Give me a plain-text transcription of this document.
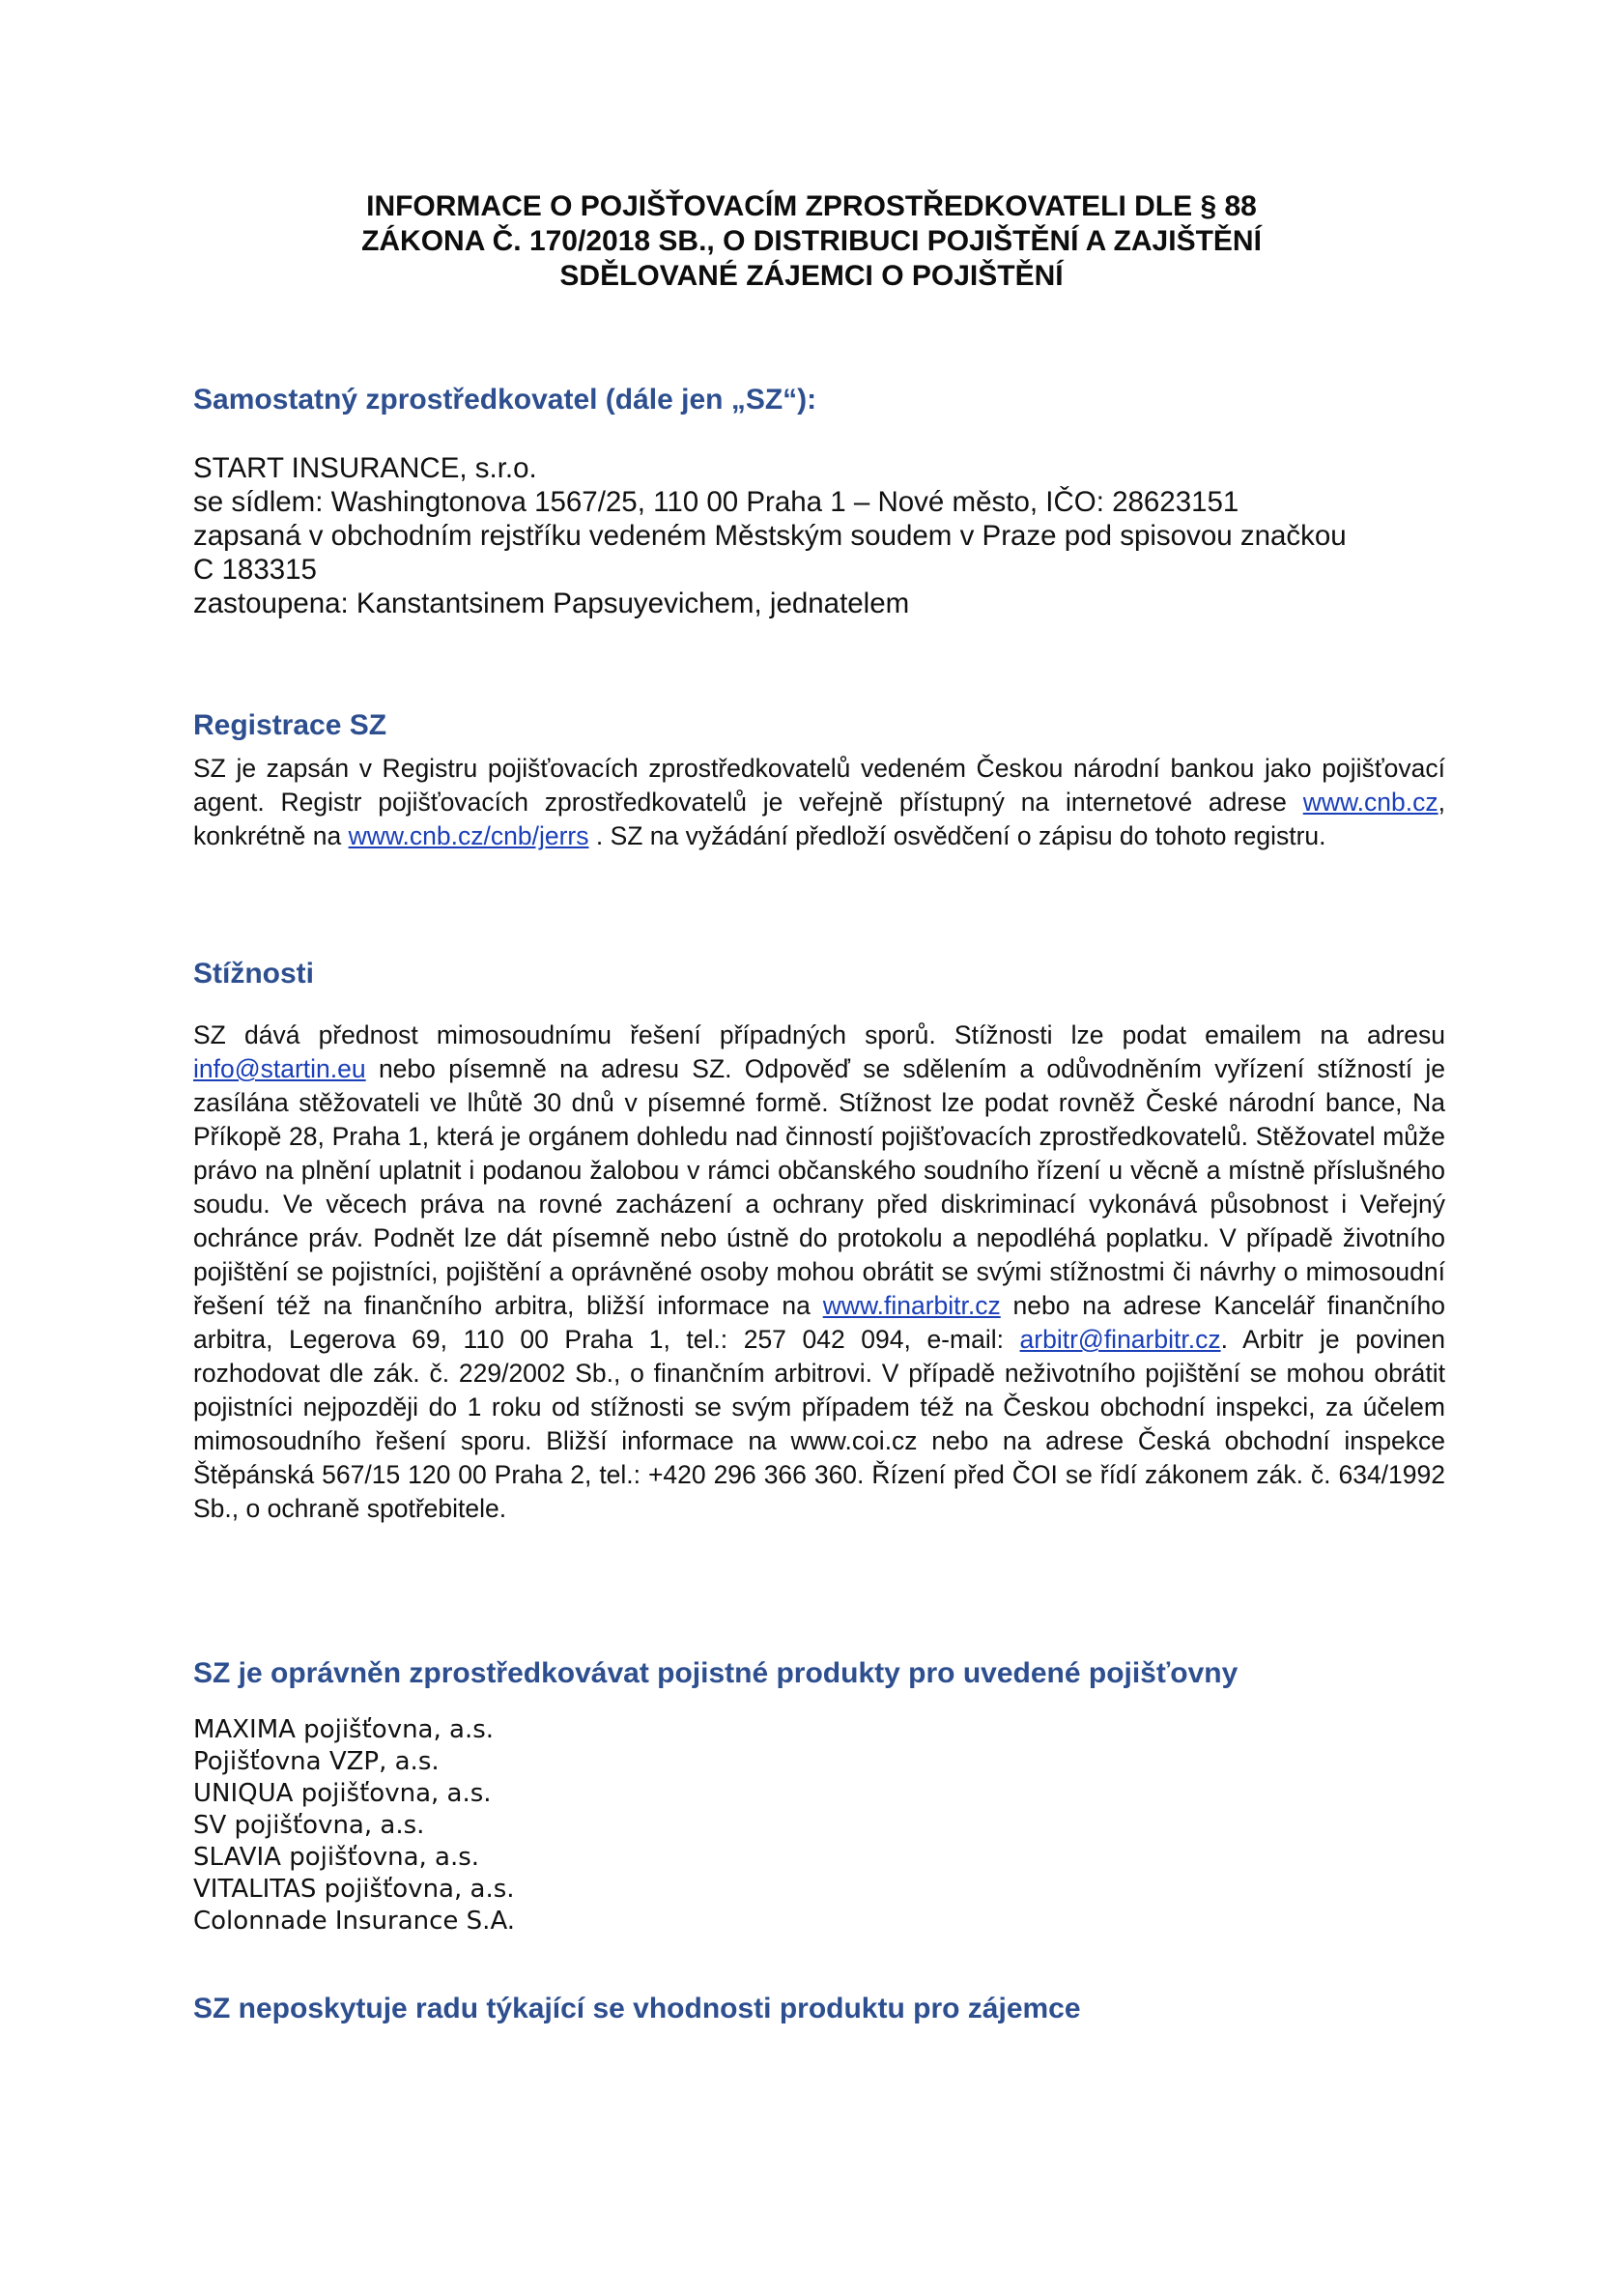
INFORMACE O POJIŠŤOVACÍM ZPROSTŘEDKOVATELI DLE § 88
ZÁKONA Č. 170/2018 SB., O DISTRIBUCI POJIŠTĚNÍ A ZAJIŠTĚNÍ
SDĚLOVANÉ ZÁJEMCI O POJIŠTĚNÍ
Samostatný zprostředkovatel (dále jen „SZ“):
START INSURANCE, s.r.o.
se sídlem: Washingtonova 1567/25, 110 00 Praha 1 – Nové město, IČO: 28623151
zapsaná v obchodním rejstříku vedeném Městským soudem v Praze pod spisovou značkou
C 183315
zastoupena: Kanstantsinem Papsuyevichem, jednatelem
Registrace SZ
SZ je zapsán v Registru pojišťovacích zprostředkovatelů vedeném Českou národní bankou jako pojišťovací agent. Registr pojišťovacích zprostředkovatelů je veřejně přístupný na internetové adrese www.cnb.cz, konkrétně na www.cnb.cz/cnb/jerrs . SZ na vyžádání předloží osvědčení o zápisu do tohoto registru.
Stížnosti
SZ dává přednost mimosoudnímu řešení případných sporů. Stížnosti lze podat emailem na adresu info@startin.eu nebo písemně na adresu SZ. Odpověď se sdělením a odůvodněním vyřízení stížností je zasílána stěžovateli ve lhůtě 30 dnů v písemné formě. Stížnost lze podat rovněž České národní bance, Na Příkopě 28, Praha 1, která je orgánem dohledu nad činností pojišťovacích zprostředkovatelů. Stěžovatel může právo na plnění uplatnit i podanou žalobou v rámci občanského soudního řízení u věcně a místně příslušného soudu. Ve věcech práva na rovné zacházení a ochrany před diskriminací vykonává působnost i Veřejný ochránce práv. Podnět lze dát písemně nebo ústně do protokolu a nepodléhá poplatku. V případě životního pojištění se pojistníci, pojištění a oprávněné osoby mohou obrátit se svými stížnostmi či návrhy o mimosoudní řešení též na finančního arbitra, bližší informace na www.finarbitr.cz nebo na adrese Kancelář finančního arbitra, Legerova 69, 110 00 Praha 1, tel.: 257 042 094, e-mail: arbitr@finarbitr.cz. Arbitr je povinen rozhodovat dle zák. č. 229/2002 Sb., o finančním arbitrovi. V případě neživotního pojištění se mohou obrátit pojistníci nejpozději do 1 roku od stížnosti se svým případem též na Českou obchodní inspekci, za účelem mimosoudního řešení sporu. Bližší informace na www.coi.cz nebo na adrese Česká obchodní inspekce Štěpánská 567/15 120 00 Praha 2, tel.: +420 296 366 360. Řízení před ČOI se řídí zákonem zák. č. 634/1992 Sb., o ochraně spotřebitele.
SZ je oprávněn zprostředkovávat pojistné produkty pro uvedené pojišťovny
MAXIMA pojišťovna, a.s.
Pojišťovna VZP, a.s.
UNIQUA pojišťovna, a.s.
SV pojišťovna, a.s.
SLAVIA pojišťovna, a.s.
VITALITAS pojišťovna, a.s.
Colonnade Insurance S.A.
SZ neposkytuje radu týkající se vhodnosti produktu pro zájemce
